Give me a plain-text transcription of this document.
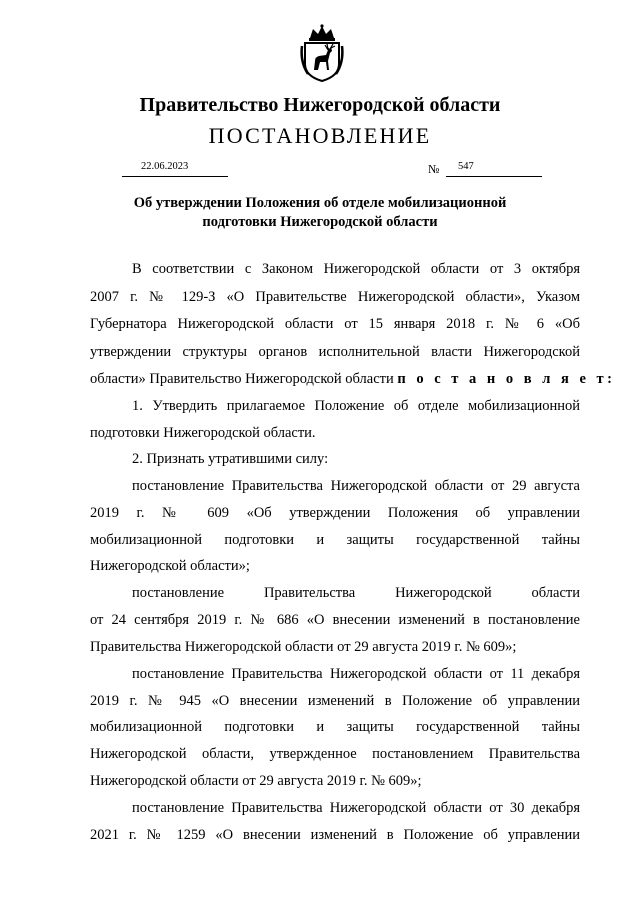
Правительство Нижегородской области
ПОСТАНОВЛЕНИЕ
22.06.2023	№ 547
Об утверждении Положения об отделе мобилизационной
подготовки Нижегородской области
В соответствии с Законом Нижегородской области от 3 октября
2007 г. № 129-З «О Правительстве Нижегородской области», Указом
Губернатора Нижегородской области от 15 января 2018 г. № 6 «Об
утверждении структуры органов исполнительной власти Нижегородской
области» Правительство Нижегородской области п о с т а н о в л я е т:
1. Утвердить прилагаемое Положение об отделе мобилизационной
подготовки Нижегородской области.
2. Признать утратившими силу:
постановление Правительства Нижегородской области от 29 августа
2019 г. № 609 «Об утверждении Положения об управлении
мобилизационной подготовки и защиты государственной тайны
Нижегородской области»;
постановление Правительства Нижегородской области
от 24 сентября 2019 г. № 686 «О внесении изменений в постановление
Правительства Нижегородской области от 29 августа 2019 г. № 609»;
постановление Правительства Нижегородской области от 11 декабря
2019 г. № 945 «О внесении изменений в Положение об управлении
мобилизационной подготовки и защиты государственной тайны
Нижегородской области, утвержденное постановлением Правительства
Нижегородской области от 29 августа 2019 г. № 609»;
постановление Правительства Нижегородской области от 30 декабря
2021 г. № 1259 «О внесении изменений в Положение об управлении
